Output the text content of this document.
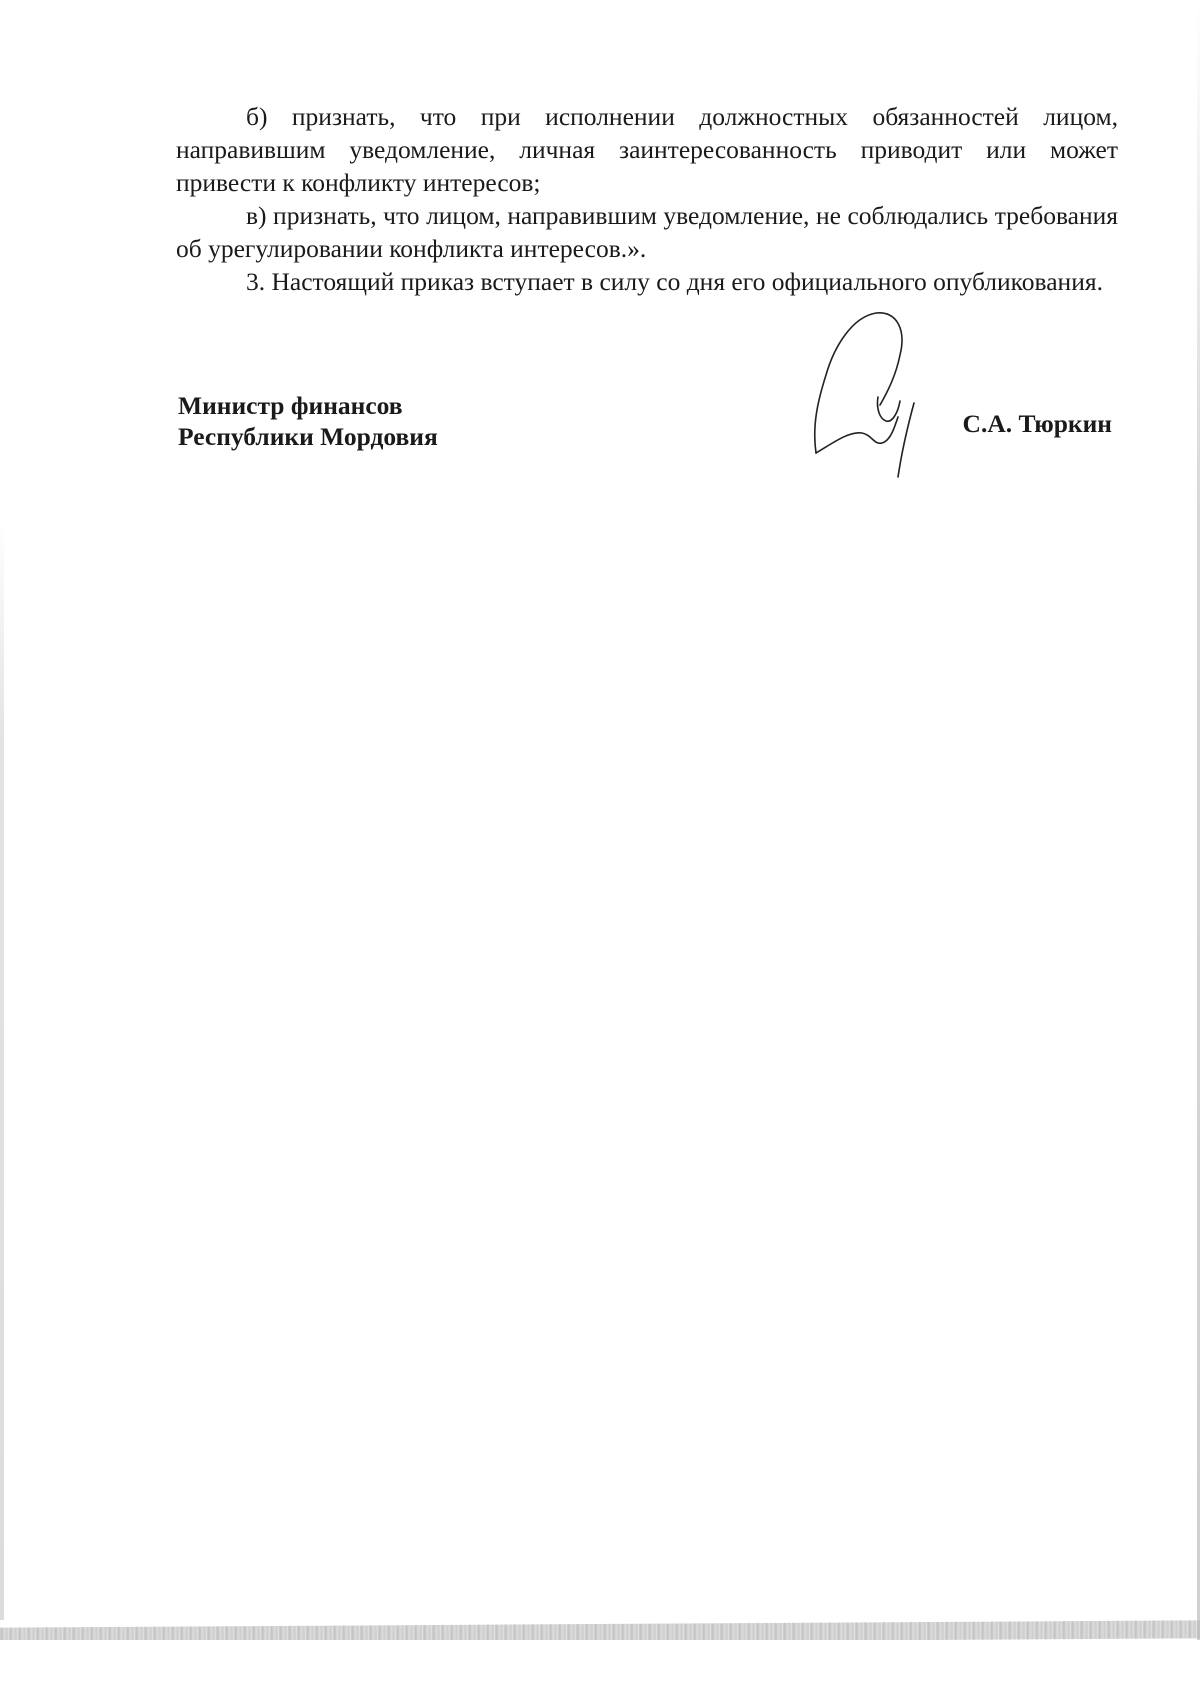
б) признать, что при исполнении должностных обязанностей лицом, направившим уведомление, личная заинтересованность приводит или может привести к конфликту интересов;

в) признать, что лицом, направившим уведомление, не соблюдались требования об урегулировании конфликта интересов.».

3. Настоящий приказ вступает в силу со дня его официального опубликования.

Министр финансов
Республики Мордовия	С.А. Тюркин
